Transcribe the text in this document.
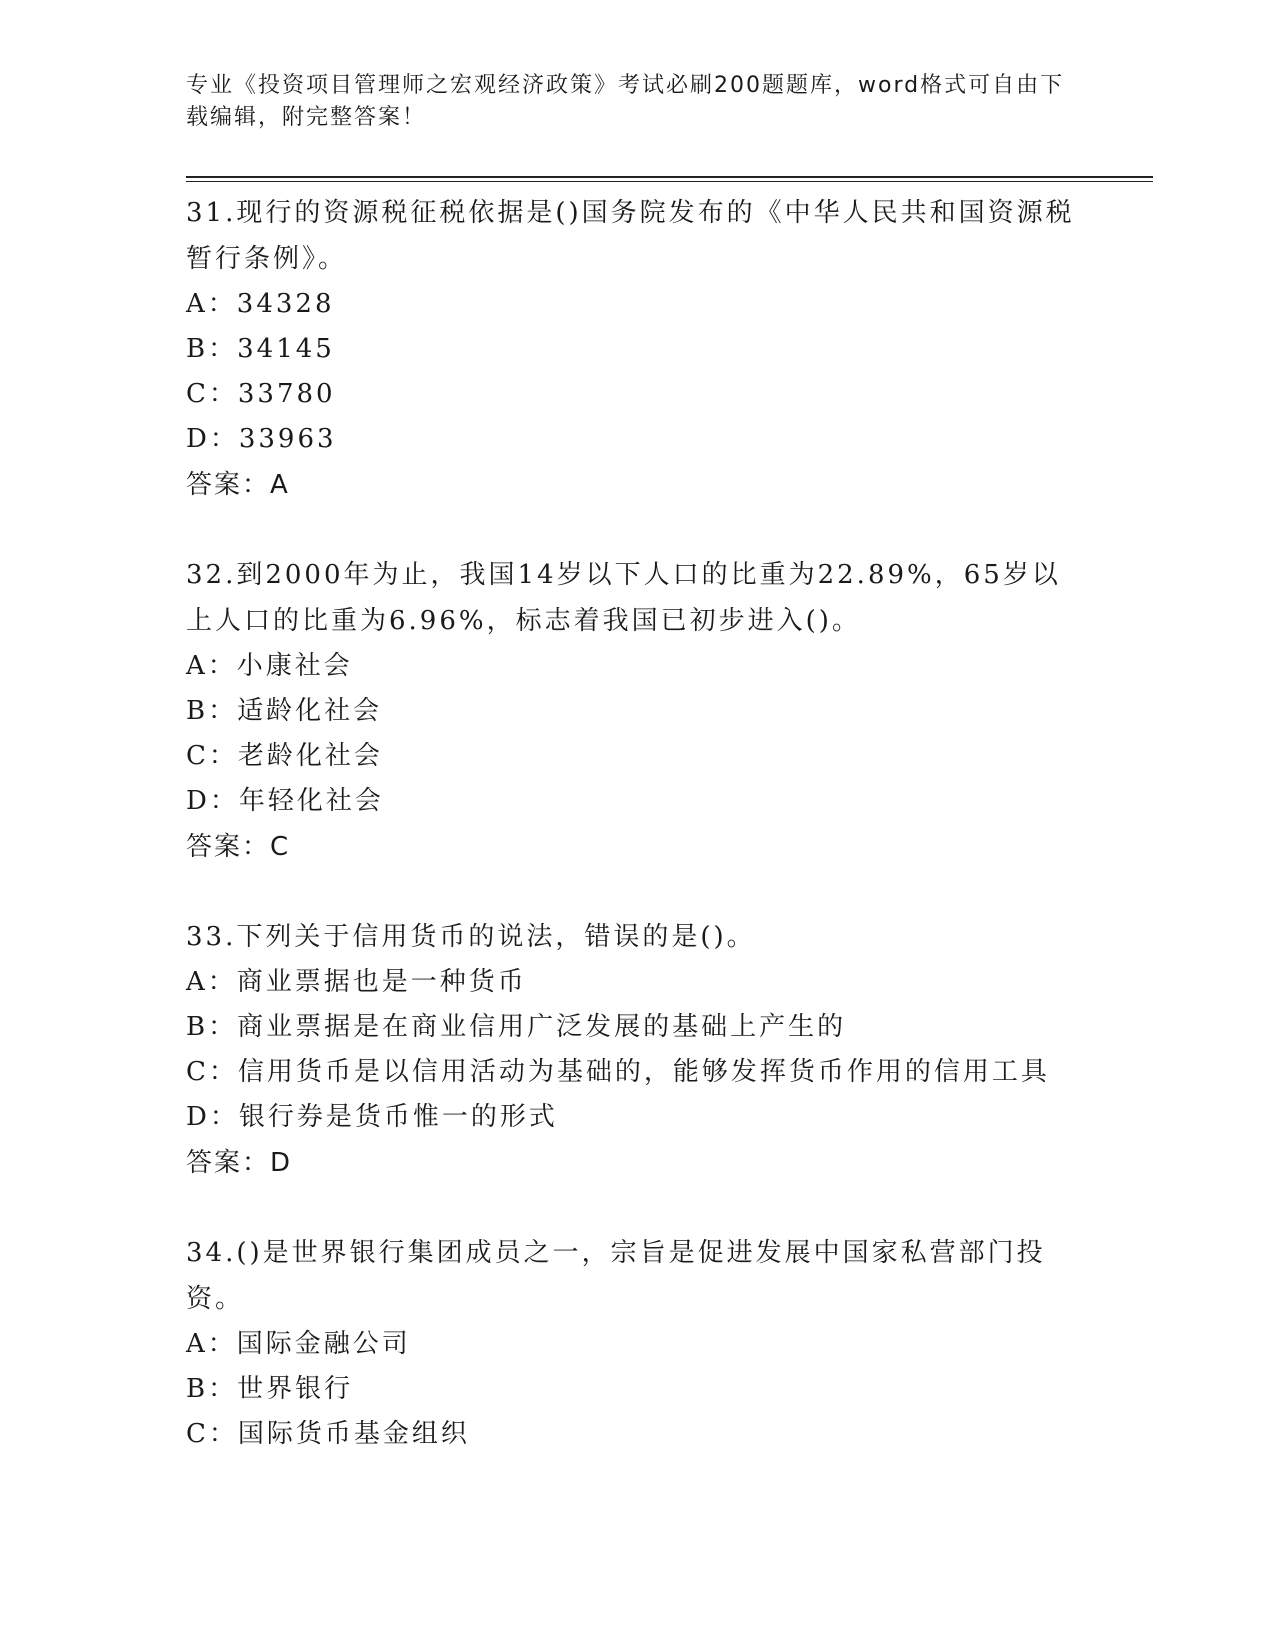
专业《投资项目管理师之宏观经济政策》考试必刷200题题库，word格式可自由下载编辑，附完整答案！

31.现行的资源税征税依据是()国务院发布的《中华人民共和国资源税暂行条例》。

A：34328

B：34145

C：33780

D：33963

答案：A

32.到2000年为止，我国14岁以下人口的比重为22.89%，65岁以上人口的比重为6.96%，标志着我国已初步进入()。

A：小康社会

B：适龄化社会

C：老龄化社会

D：年轻化社会

答案：C

33.下列关于信用货币的说法，错误的是()。

A：商业票据也是一种货币

B：商业票据是在商业信用广泛发展的基础上产生的

C：信用货币是以信用活动为基础的，能够发挥货币作用的信用工具

D：银行券是货币惟一的形式

答案：D

34.()是世界银行集团成员之一，宗旨是促进发展中国家私营部门投资。

A：国际金融公司

B：世界银行

C：国际货币基金组织
